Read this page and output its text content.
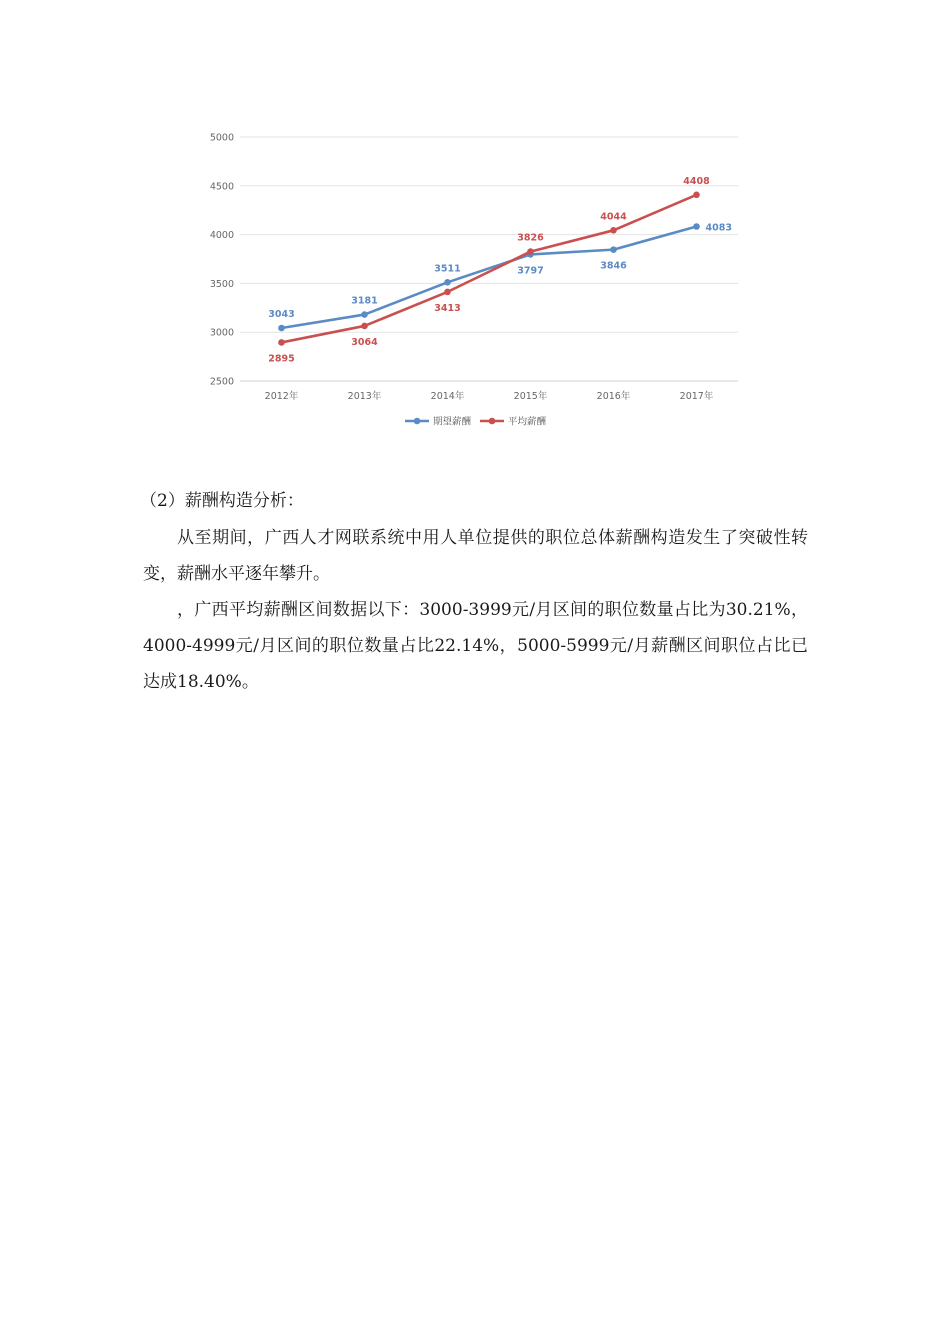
2500
3000
3500
4000
4500
5000
2012年	2013年	2014年	2015年	2016年	2017年
3043
3181
3511	3797	3846
4083
2895
3064
3413
3826
4044
4408
期望薪酬	平均薪酬
（2）薪酬构造分析：

从至期间，广西人才网联系统中用人单位提供的职位总体薪酬构造发生了突破性转变，薪酬水平逐年攀升。

，广西平均薪酬区间数据以下：3000-3999元/月区间的职位数量占比为30.21%，4000-4999元/月区间的职位数量占比22.14%，5000-5999元/月薪酬区间职位占比已达成18.40%。
